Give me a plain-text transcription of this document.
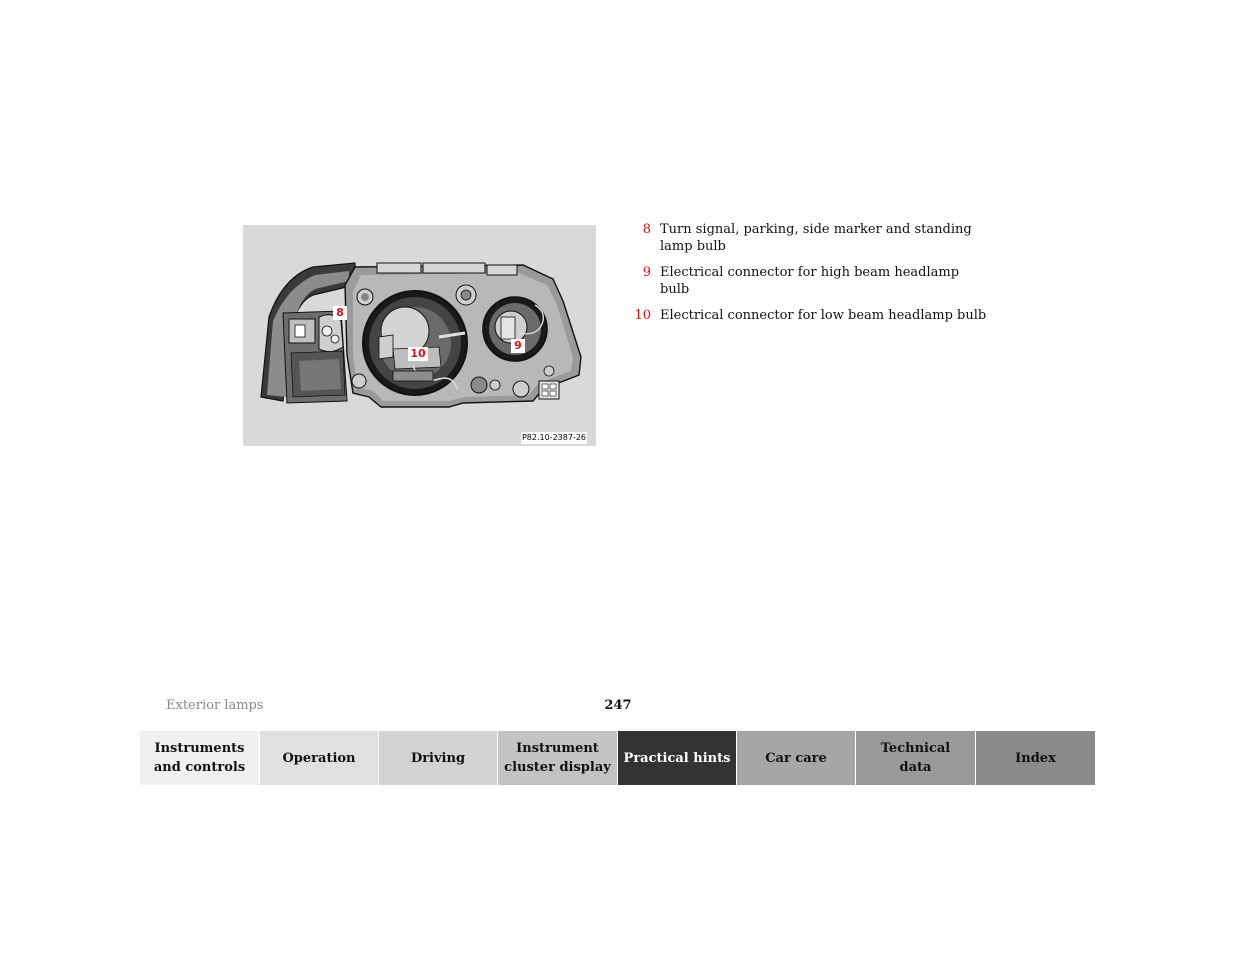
8
10
9
P82.10-2387-26
8 Turn signal, parking, side marker and standing lamp bulb
9 Electrical connector for high beam headlamp bulb
10 Electrical connector for low beam headlamp bulb
Exterior lamps	247
Instruments
and controls
Operation	Driving
Instrument
cluster display
Practical hints	Car care
Technical
data
Index
